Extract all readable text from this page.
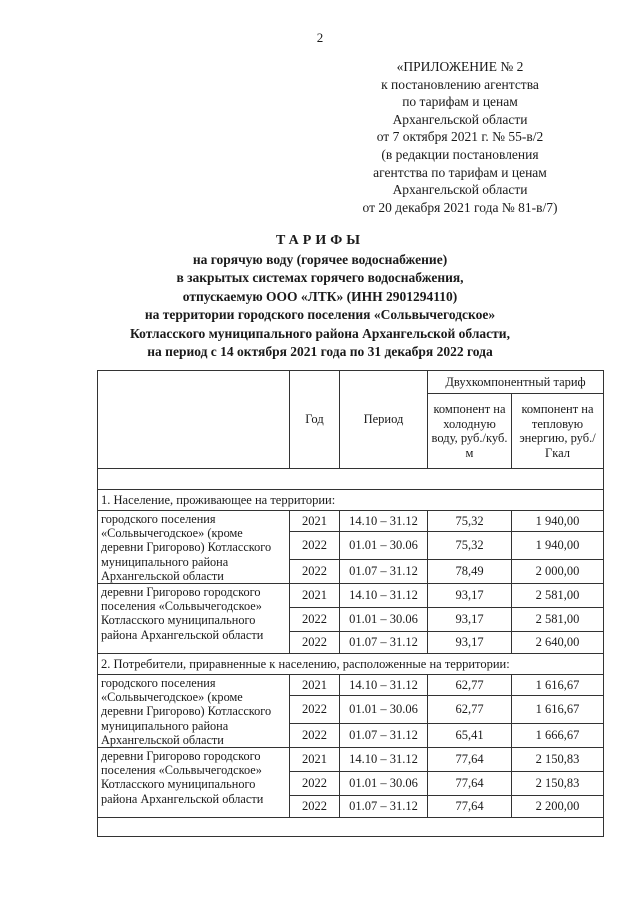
2
«ПРИЛОЖЕНИЕ № 2
к постановлению агентства
по тарифам и ценам
Архангельской области
от 7 октября 2021 г. № 55-в/2
(в редакции постановления
агентства по тарифам и ценам
Архангельской области
от 20 декабря 2021 года № 81-в/7)
ТАРИФЫ
на горячую воду (горячее водоснабжение)
в закрытых системах горячего водоснабжения,
отпускаемую ООО «ЛТК» (ИНН 2901294110)
на территории городского поселения «Сольвычегодское»
Котласского муниципального района Архангельской области,
на период с 14 октября 2021 года по 31 декабря 2022 года
	Год	Период	Двухкомпонентный тариф	
			компонент на холодную воду, руб./куб. м	компонент на тепловую энергию, руб./Гкал

1. Население, проживающее на территории:				
городского поселения «Сольвычегодское» (кроме деревни Григорово) Котласского муниципального района Архангельской области	2021	14.10 – 31.12	75,32	1 940,00
	2022	01.01 – 30.06	75,32	1 940,00
	2022	01.07 – 31.12	78,49	2 000,00
деревни Григорово городского поселения «Сольвычегодское» Котласского муниципального района Архангельской области	2021	14.10 – 31.12	93,17	2 581,00
	2022	01.01 – 30.06	93,17	2 581,00
	2022	01.07 – 31.12	93,17	2 640,00
2. Потребители, приравненные к населению, расположенные на территории:				
городского поселения «Сольвычегодское» (кроме деревни Григорово) Котласского муниципального района Архангельской области	2021	14.10 – 31.12	62,77	1 616,67
	2022	01.01 – 30.06	62,77	1 616,67
	2022	01.07 – 31.12	65,41	1 666,67
деревни Григорово городского поселения «Сольвычегодское» Котласского муниципального района Архангельской области	2021	14.10 – 31.12	77,64	2 150,83
	2022	01.01 – 30.06	77,64	2 150,83
	2022	01.07 – 31.12	77,64	2 200,00
